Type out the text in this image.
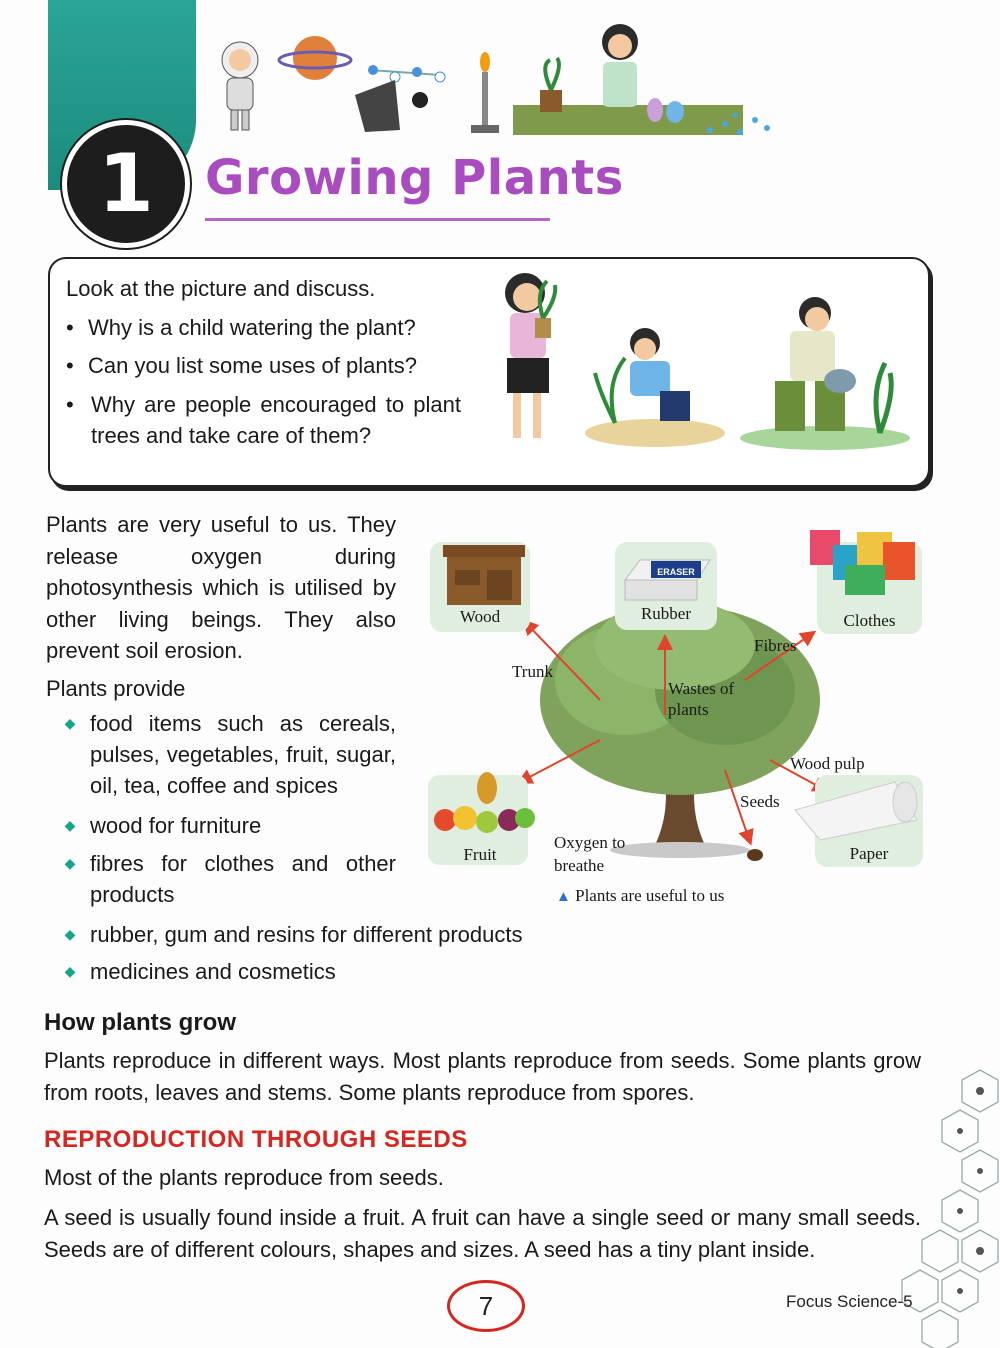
1	Growing Plants
Look at the picture and discuss.
• Why is a child watering the plant?
• Can you list some uses of plants?
• Why are people encouraged to plant trees and take care of them?
Plants are very useful to us. They release oxygen during photosynthesis which is utilised by other living beings. They also prevent soil erosion.
Plants provide
◆ food items such as cereals, pulses, vegetables, fruit, sugar, oil, tea, coffee and spices
◆ wood for furniture
◆ fibres for clothes and other products
◆ rubber, gum and resins for different products
◆ medicines and cosmetics
Wood	Rubber
ERASER
Clothes
Fruit	Paper
Trunk
Fibres
Wastes of plants
Wood pulp
Seeds
Oxygen to breathe
▲ Plants are useful to us
How plants grow
Plants reproduce in different ways. Most plants reproduce from seeds. Some plants grow from roots, leaves and stems. Some plants reproduce from spores.
REPRODUCTION THROUGH SEEDS
Most of the plants reproduce from seeds.
A seed is usually found inside a fruit. A fruit can have a single seed or many small seeds. Seeds are of different colours, shapes and sizes. A seed has a tiny plant inside.
7	Focus Science-5
